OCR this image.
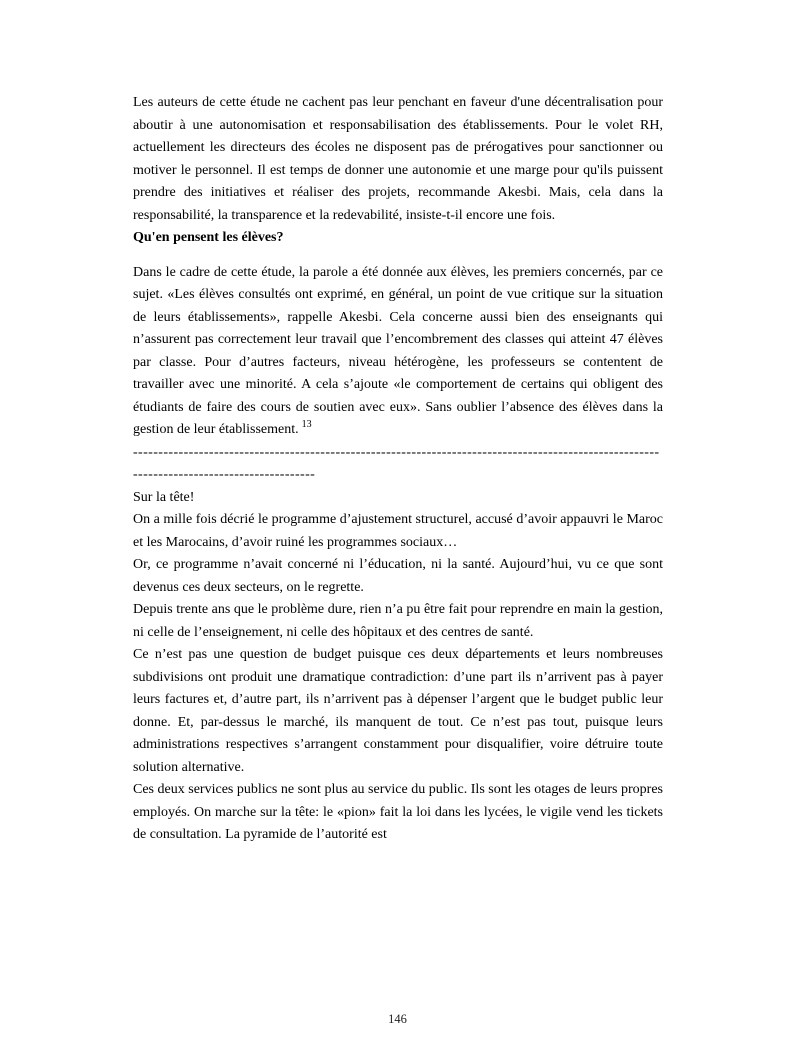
Les auteurs de cette étude ne cachent pas leur penchant en faveur d'une décentralisation pour aboutir à une autonomisation et responsabilisation des établissements. Pour le volet RH, actuellement les directeurs des écoles ne disposent pas de prérogatives pour sanctionner ou motiver le personnel. Il est temps de donner une autonomie et une marge pour qu'ils puissent prendre des initiatives et réaliser des projets, recommande Akesbi. Mais, cela dans la responsabilité, la transparence et la redevabilité, insiste-t-il encore une fois.

Qu'en pensent les élèves?

Dans le cadre de cette étude, la parole a été donnée aux élèves, les premiers concernés, par ce sujet. «Les élèves consultés ont exprimé, en général, un point de vue critique sur la situation de leurs établissements», rappelle Akesbi. Cela concerne aussi bien des enseignants qui n’assurent pas correctement leur travail que l’encombrement des classes qui atteint 47 élèves par classe. Pour d’autres facteurs, niveau hétérogène, les professeurs se contentent de travailler avec une minorité. A cela s’ajoute «le comportement de certains qui obligent des étudiants de faire des cours de soutien avec eux». Sans oublier l’absence des élèves dans la gestion de leur établissement. $^{13}$

--------------------------------------------------------------------------------------------------------------------------------------------

Sur la tête!

On a mille fois décrié le programme d’ajustement structurel, accusé d’avoir appauvri le Maroc et les Marocains, d’avoir ruiné les programmes sociaux…

Or, ce programme n’avait concerné ni l’éducation, ni la santé. Aujourd’hui, vu ce que sont devenus ces deux secteurs, on le regrette.

Depuis trente ans que le problème dure, rien n’a pu être fait pour reprendre en main la gestion, ni celle de l’enseignement, ni celle des hôpitaux et des centres de santé.

Ce n’est pas une question de budget puisque ces deux départements et leurs nombreuses subdivisions ont produit une dramatique contradiction: d’une part ils n’arrivent pas à payer leurs factures et, d’autre part, ils n’arrivent pas à dépenser l’argent que le budget public leur donne. Et, par-dessus le marché, ils manquent de tout. Ce n’est pas tout, puisque leurs administrations respectives s’arrangent constamment pour disqualifier, voire détruire toute solution alternative.

Ces deux services publics ne sont plus au service du public. Ils sont les otages de leurs propres employés. On marche sur la tête: le «pion» fait la loi dans les lycées, le vigile vend les tickets de consultation. La pyramide de l’autorité est

146
